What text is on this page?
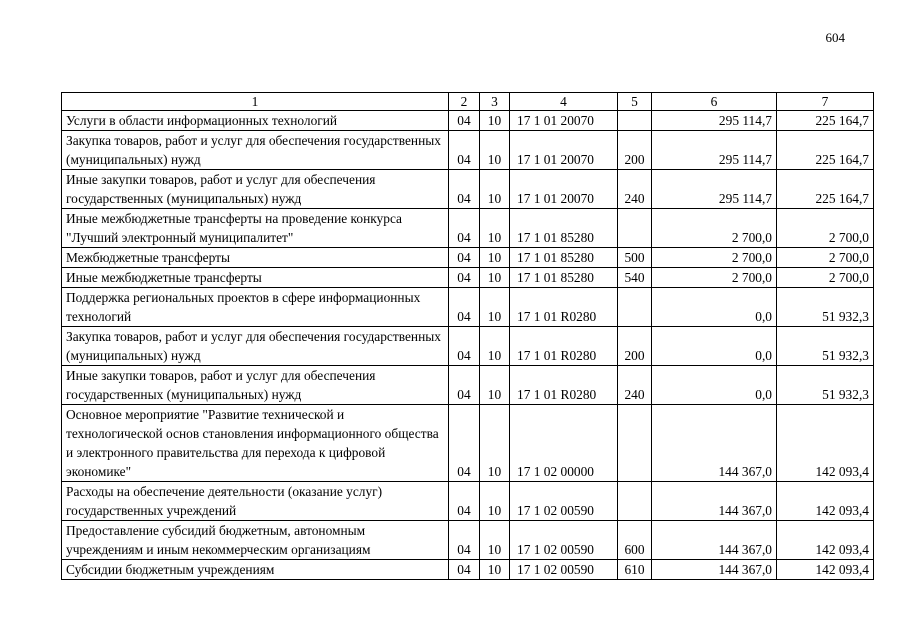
604
1	2	3	4	5	6	7
Услуги в области информационных технологий	04	10	17 1 01 20070		295 114,7	225 164,7
Закупка товаров, работ и услуг для обеспечения государственных (муниципальных) нужд	04	10	17 1 01 20070	200	295 114,7	225 164,7
Иные закупки товаров, работ и услуг для обеспечения государственных (муниципальных) нужд	04	10	17 1 01 20070	240	295 114,7	225 164,7
Иные межбюджетные трансферты на проведение конкурса "Лучший электронный муниципалитет"	04	10	17 1 01 85280		2 700,0	2 700,0
Межбюджетные трансферты	04	10	17 1 01 85280	500	2 700,0	2 700,0
Иные межбюджетные трансферты	04	10	17 1 01 85280	540	2 700,0	2 700,0
Поддержка региональных проектов в сфере информационных технологий	04	10	17 1 01 R0280		0,0	51 932,3
Закупка товаров, работ и услуг для обеспечения государственных (муниципальных) нужд	04	10	17 1 01 R0280	200	0,0	51 932,3
Иные закупки товаров, работ и услуг для обеспечения государственных (муниципальных) нужд	04	10	17 1 01 R0280	240	0,0	51 932,3
Основное мероприятие "Развитие технической и технологической основ становления информационного общества и электронного правительства для перехода к цифровой экономике"	04	10	17 1 02 00000		144 367,0	142 093,4
Расходы на обеспечение деятельности (оказание услуг) государственных учреждений	04	10	17 1 02 00590		144 367,0	142 093,4
Предоставление субсидий бюджетным, автономным учреждениям и иным некоммерческим организациям	04	10	17 1 02 00590	600	144 367,0	142 093,4
Субсидии бюджетным учреждениям	04	10	17 1 02 00590	610	144 367,0	142 093,4
